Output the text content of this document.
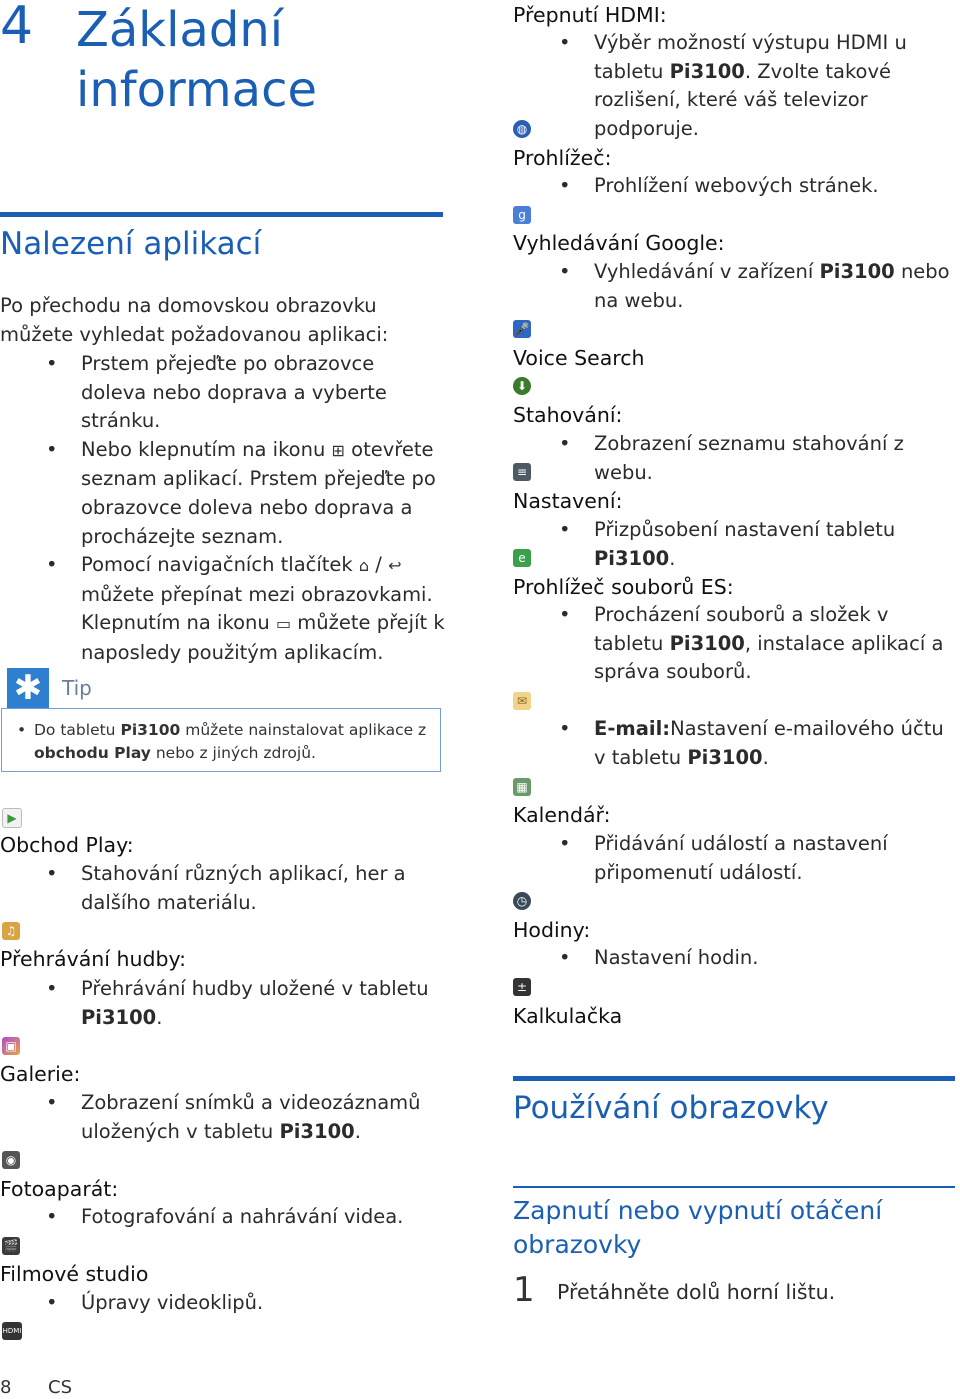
4 Základní
informace
Nalezení aplikací
Po přechodu na domovskou obrazovku můžete vyhledat požadovanou aplikaci:
• Prstem přejeďte po obrazovce doleva nebo doprava a vyberte stránku.
• Nebo klepnutím na ikonu ⊞ otevřete seznam aplikací. Prstem přejeďte po obrazovce doleva nebo doprava a procházejte seznam.
• Pomocí navigačních tlačítek ⌂ / ↩ můžete přepínat mezi obrazovkami. Klepnutím na ikonu ▭ můžete přejít k naposledy použitým aplikacím.
✱ Tip
• Do tabletu Pi3100 můžete nainstalovat aplikace z obchodu Play nebo z jiných zdrojů.
▶
Obchod Play:
• Stahování různých aplikací, her a dalšího materiálu.
♫
Přehrávání hudby:
• Přehrávání hudby uložené v tabletu Pi3100.
▣
Galerie:
• Zobrazení snímků a videozáznamů uložených v tabletu Pi3100.
◉
Fotoaparát:
• Fotografování a nahrávání videa.
🎬
Filmové studio
• Úpravy videoklipů.
HDMI
8 CS
Přepnutí HDMI:
• Výběr možností výstupu HDMI u tabletu Pi3100. Zvolte takové rozlišení, které váš televizor podporuje.
◍
Prohlížeč:
• Prohlížení webových stránek.
g
Vyhledávání Google:
• Vyhledávání v zařízení Pi3100 nebo na webu.
🎤
Voice Search
⬇
Stahování:
• Zobrazení seznamu stahování z webu.
≡
Nastavení:
• Přizpůsobení nastavení tabletu Pi3100.
e
Prohlížeč souborů ES:
• Procházení souborů a složek v tabletu Pi3100, instalace aplikací a správa souborů.
✉
• E-mail:Nastavení e-mailového účtu v tabletu Pi3100.
▦
Kalendář:
• Přidávání událostí a nastavení připomenutí událostí.
◷
Hodiny:
• Nastavení hodin.
±
Kalkulačka
Používání obrazovky
Zapnutí nebo vypnutí otáčení obrazovky
1 Přetáhněte dolů horní lištu.
